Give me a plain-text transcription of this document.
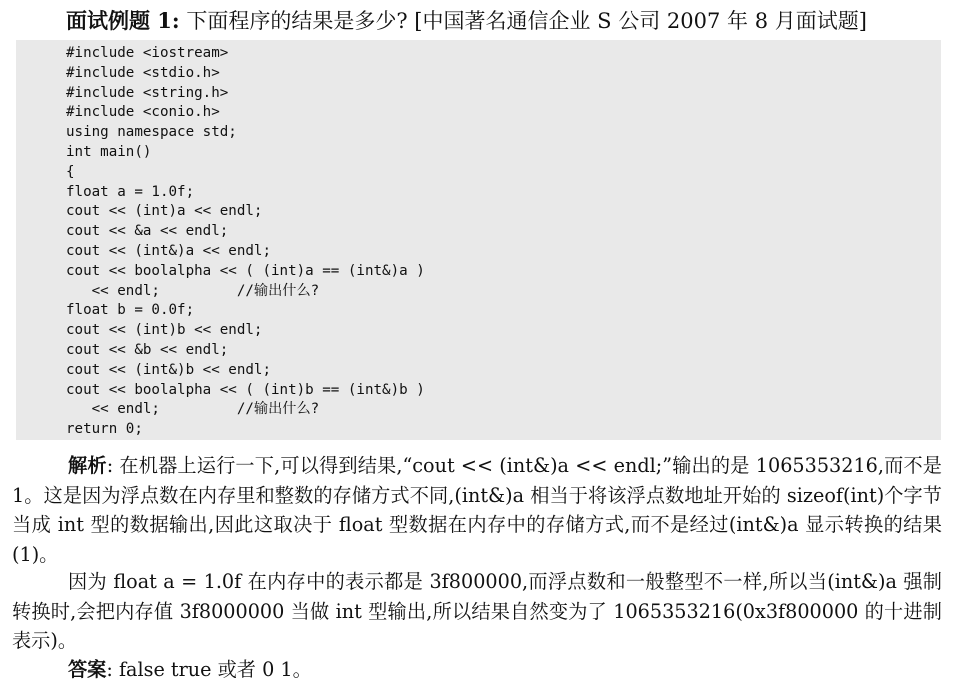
面试例题 1: 下面程序的结果是多少? [中国著名通信企业 S 公司 2007 年 8 月面试题]
#include <iostream>
#include <stdio.h>
#include <string.h>
#include <conio.h>
using namespace std;
int main()
{
float a = 1.0f;
cout << (int)a << endl;
cout << &a << endl;
cout << (int&)a << endl;
cout << boolalpha << ( (int)a == (int&)a )
<< endl;         //输出什么?
float b = 0.0f;
cout << (int)b << endl;
cout << &b << endl;
cout << (int&)b << endl;
cout << boolalpha << ( (int)b == (int&)b )
<< endl;         //输出什么?
return 0;
解析: 在机器上运行一下,可以得到结果,“cout << (int&)a << endl;”输出的是 1065353216,而不是 1。这是因为浮点数在内存里和整数的存储方式不同,(int&)a 相当于将该浮点数地址开始的 sizeof(int)个字节当成 int 型的数据输出,因此这取决于 float 型数据在内存中的存储方式,而不是经过(int&)a 显示转换的结果 (1)。
因为 float a = 1.0f 在内存中的表示都是 3f800000,而浮点数和一般整型不一样,所以当(int&)a 强制转换时,会把内存值 3f8000000 当做 int 型输出,所以结果自然变为了 1065353216(0x3f800000 的十进制表示)。
答案: false true 或者 0 1。
